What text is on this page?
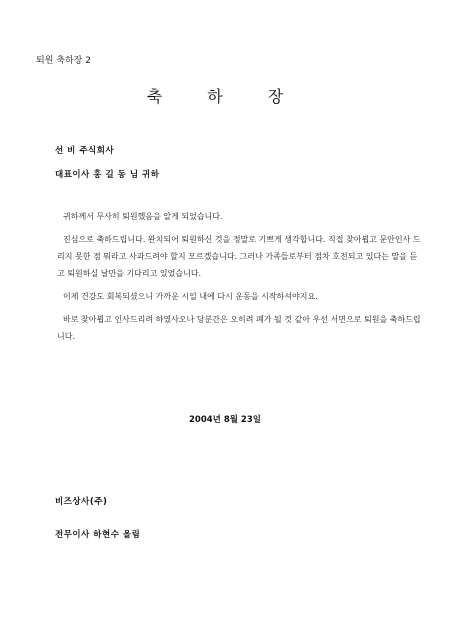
퇴원 축하장 2
축 하 장
선 비 주식회사
대표이사 홍 길 동 님 귀하

귀하께서 무사히 퇴원했음을 알게 되었습니다.

진심으로 축하드립니다. 완치되어 퇴원하신 것을 정말로 기쁘게 생각합니다. 직접 찾아뵙고 문안인사 드리지 못한 점 뭐라고 사과드려야 할지 모르겠습니다. 그러나 가족들로부터 점차 호전되고 있다는 말을 듣고 퇴원하실 날만을 기다리고 있었습니다.

이제 건강도 회복되셨으니 가까운 시일 내에 다시 운동을 시작하셔야지요.

바로 찾아뵙고 인사드리려 하였사오나 당분간은 오히려 폐가 될 것 같아 우선 서면으로 퇴원을 축하드립니다.

2004년 8월 23일
비즈상사(주)
전무이사 하현수 올림
